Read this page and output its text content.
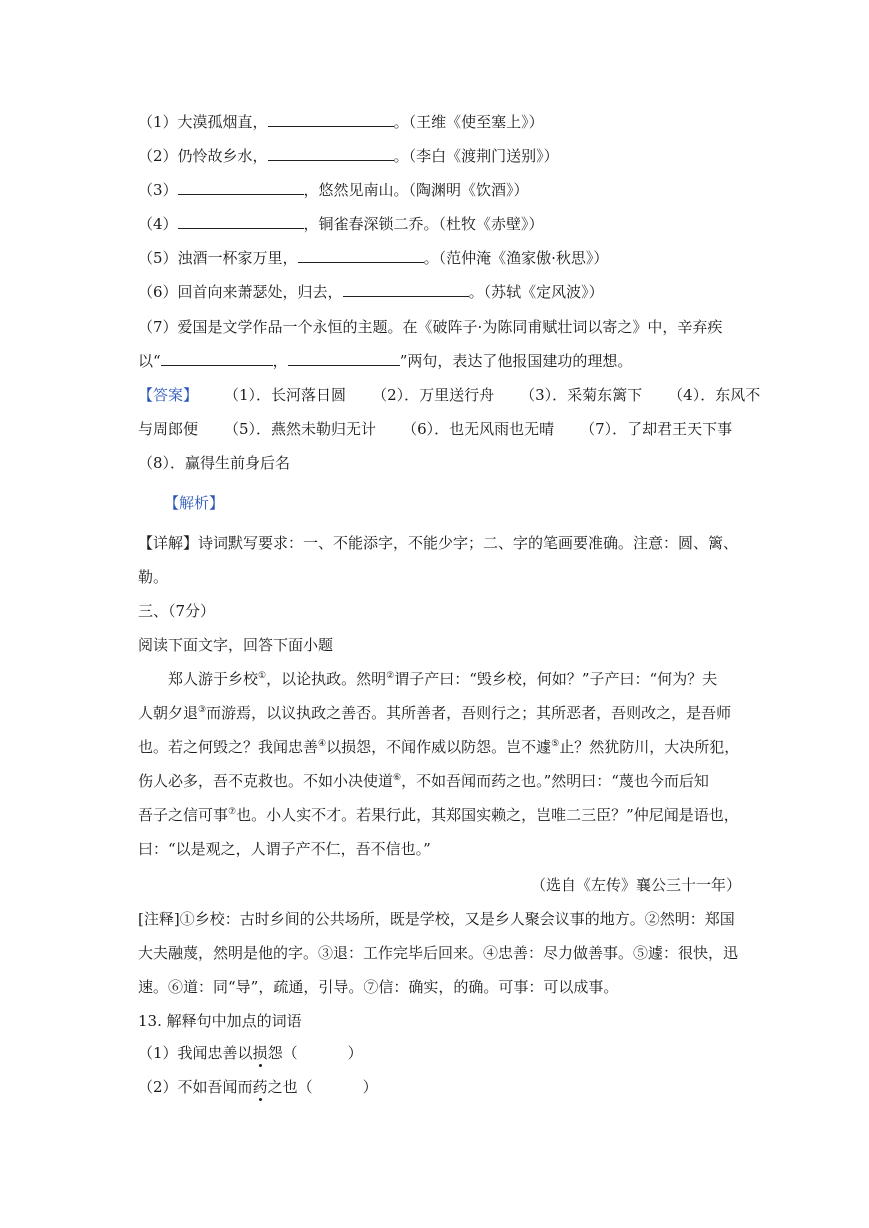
（1）大漠孤烟直，	。（王维《使至塞上》）
（2）仍怜故乡水，	。（李白《渡荆门送别》）
（3）	，悠然见南山。（陶渊明《饮酒》）
（4）	，铜雀春深锁二乔。（杜牧《赤壁》）
（5）浊酒一杯家万里，	。（范仲淹《渔家傲·秋思》）
（6）回首向来萧瑟处，归去，	。（苏轼《定风波》）
（7）爱国是文学作品一个永恒的主题。在《破阵子·为陈同甫赋壮词以寄之》中，辛弃疾
以“	，	”两句，表达了他报国建功的理想。
【答案】 （1）．长河落日圆 （2）．万里送行舟 （3）．采菊东篱下 （4）．东风不
与周郎便 （5）．燕然未勒归无计 （6）．也无风雨也无晴 （7）．了却君王天下事
（8）．赢得生前身后名
【解析】
【详解】诗词默写要求：一、不能添字，不能少字；二、字的笔画要准确。注意：圆、篱、
勒。
三、（7分）
阅读下面文字，回答下面小题
郑人游于乡校①，以论执政。然明②谓子产曰：“毁乡校，何如？”子产曰：“何为？夫
人朝夕退③而游焉，以议执政之善否。其所善者，吾则行之；其所恶者，吾则改之，是吾师
也。若之何毁之？我闻忠善④以损怨，不闻作威以防怨。岂不遽⑤止？然犹防川，大决所犯，
伤人必多，吾不克救也。不如小决使道⑥，不如吾闻而药之也。”然明曰：“蔑也今而后知
吾子之信可事⑦也。小人实不才。若果行此，其郑国实赖之，岂唯二三臣？”仲尼闻是语也，
曰：“以是观之，人谓子产不仁，吾不信也。”
（选自《左传》襄公三十一年）
[注释]①乡校：古时乡间的公共场所，既是学校，又是乡人聚会议事的地方。②然明：郑国
大夫融蔑，然明是他的字。③退：工作完毕后回来。④忠善：尽力做善事。⑤遽：很快，迅
速。⑥道：同“导”，疏通，引导。⑦信：确实，的确。可事：可以成事。
13. 解释句中加点的词语
（1）我闻忠善以损怨（	）
（2）不如吾闻而药之也（	）
